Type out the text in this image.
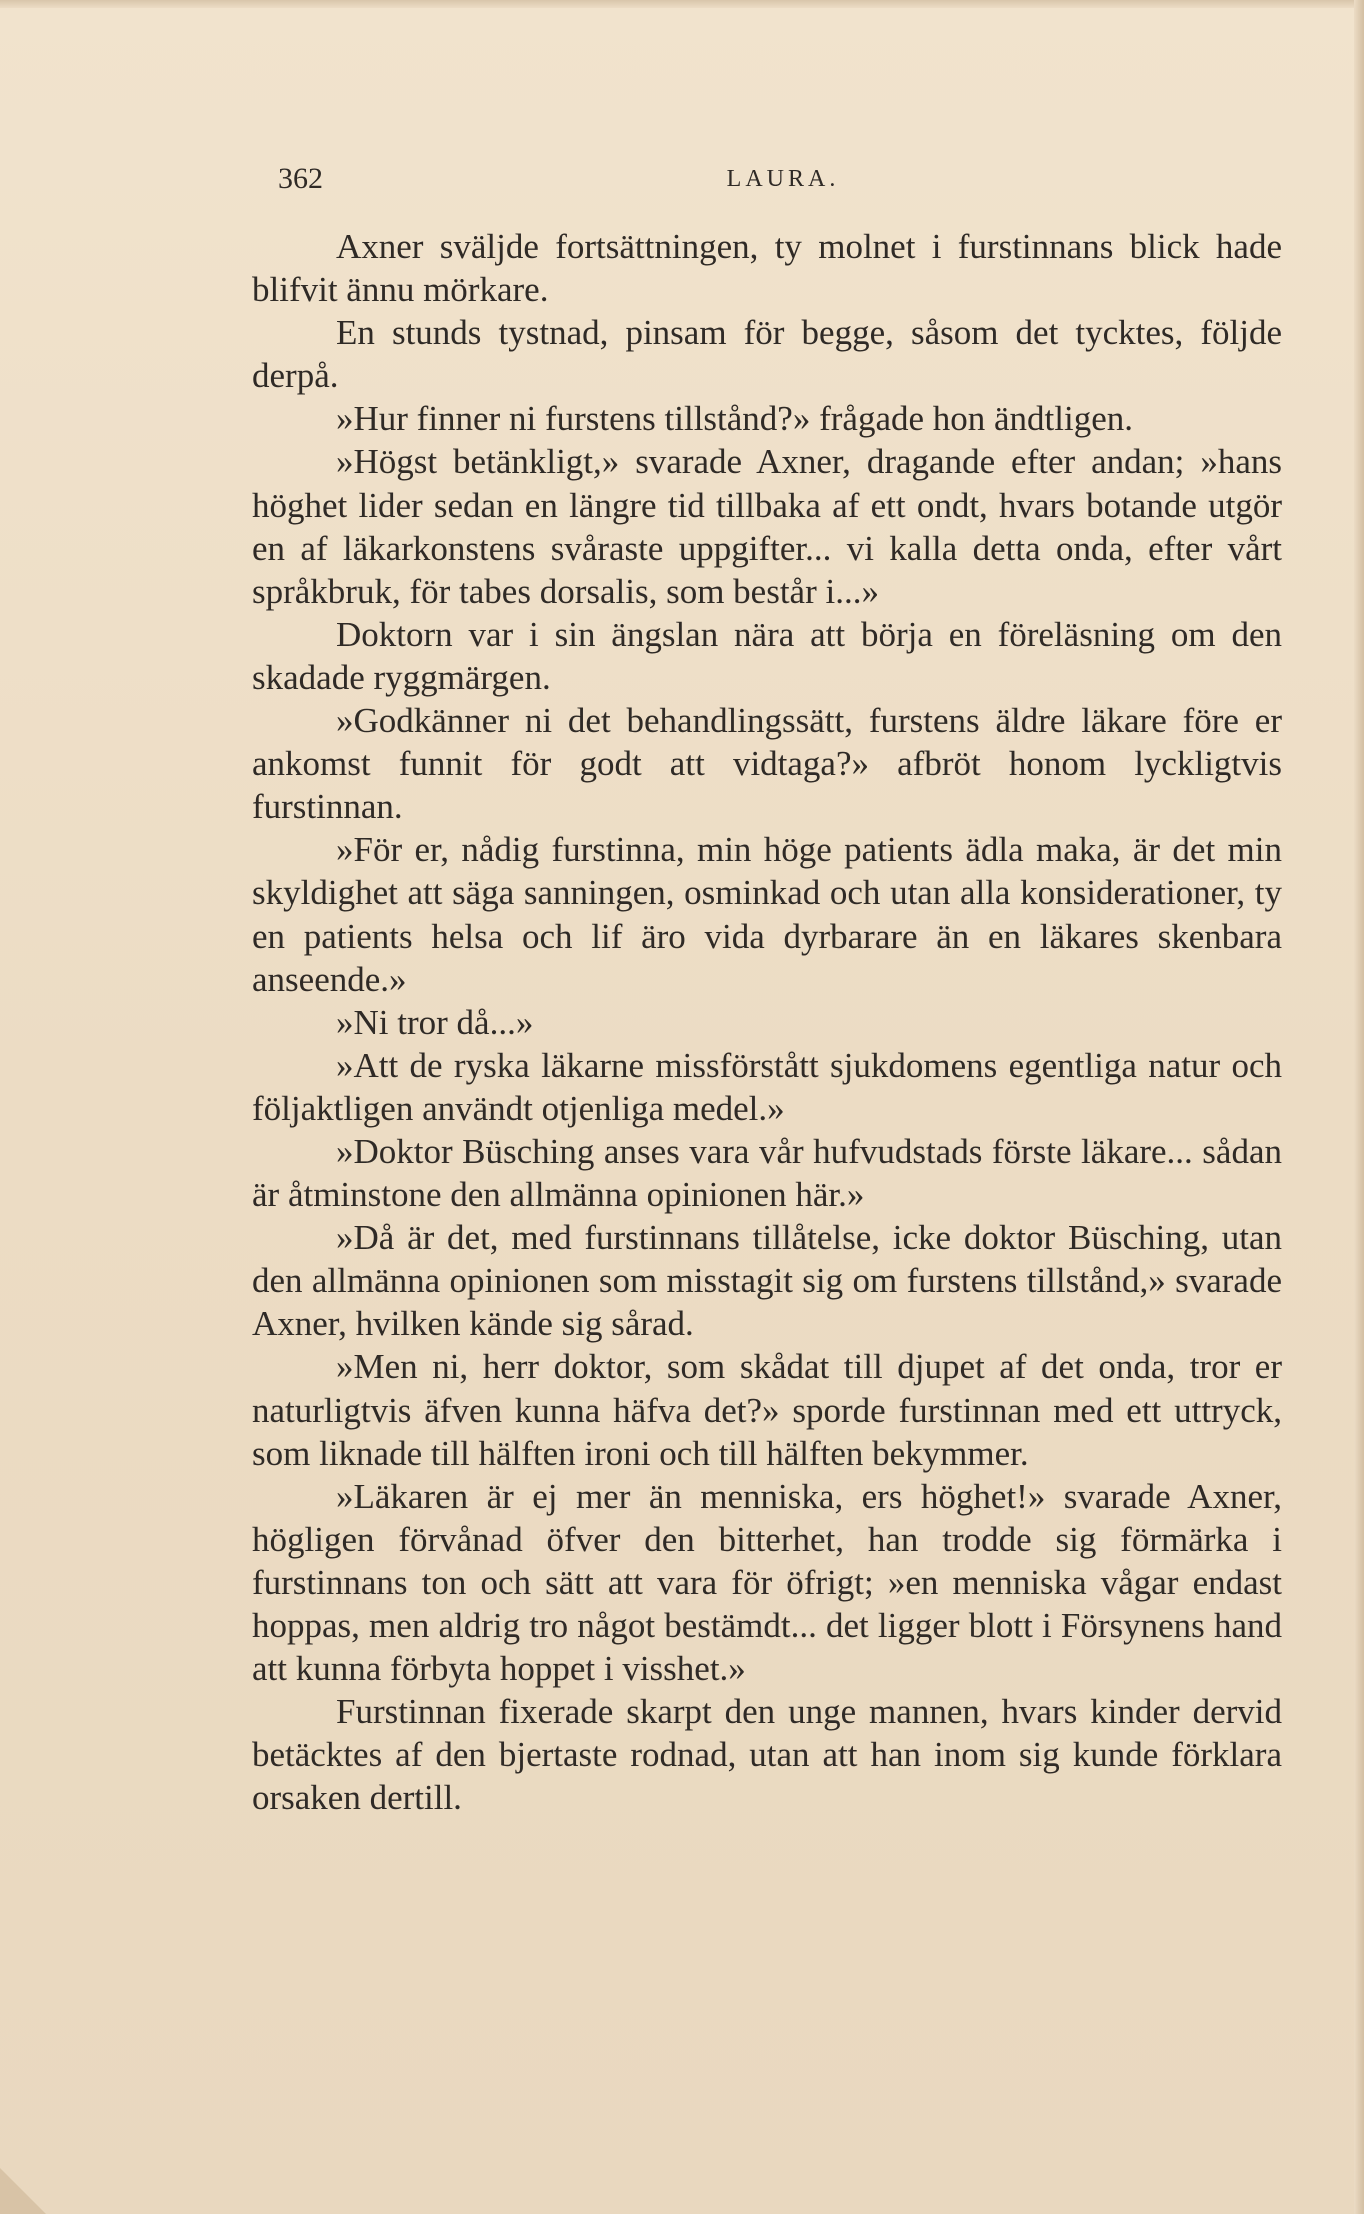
362	LAURA.

Axner sväljde fortsättningen, ty molnet i furstinnans blick hade blifvit ännu mörkare.

En stunds tystnad, pinsam för begge, såsom det tycktes, följde derpå.

»Hur finner ni furstens tillstånd?» frågade hon ändtligen.

»Högst betänkligt,» svarade Axner, dragande efter andan; »hans höghet lider sedan en längre tid tillbaka af ett ondt, hvars botande utgör en af läkarkonstens svåraste uppgifter... vi kalla detta onda, efter vårt språkbruk, för tabes dorsalis, som består i...»

Doktorn var i sin ängslan nära att börja en föreläsning om den skadade ryggmärgen.

»Godkänner ni det behandlingssätt, furstens äldre läkare före er ankomst funnit för godt att vidtaga?» afbröt honom lyckligtvis furstinnan.

»För er, nådig furstinna, min höge patients ädla maka, är det min skyldighet att säga sanningen, osminkad och utan alla konsiderationer, ty en patients helsa och lif äro vida dyrbarare än en läkares skenbara anseende.»

»Ni tror då...»

»Att de ryska läkarne missförstått sjukdomens egentliga natur och följaktligen användt otjenliga medel.»

»Doktor Büsching anses vara vår hufvudstads förste läkare... sådan är åtminstone den allmänna opinionen här.»

»Då är det, med furstinnans tillåtelse, icke doktor Büsching, utan den allmänna opinionen som misstagit sig om furstens tillstånd,» svarade Axner, hvilken kände sig sårad.

»Men ni, herr doktor, som skådat till djupet af det onda, tror er naturligtvis äfven kunna häfva det?» sporde furstinnan med ett uttryck, som liknade till hälften ironi och till hälften bekymmer.

»Läkaren är ej mer än menniska, ers höghet!» svarade Axner, högligen förvånad öfver den bitterhet, han trodde sig förmärka i furstinnans ton och sätt att vara för öfrigt; »en menniska vågar endast hoppas, men aldrig tro något bestämdt... det ligger blott i Försynens hand att kunna förbyta hoppet i visshet.»

Furstinnan fixerade skarpt den unge mannen, hvars kinder dervid betäcktes af den bjertaste rodnad, utan att han inom sig kunde förklara orsaken dertill.
